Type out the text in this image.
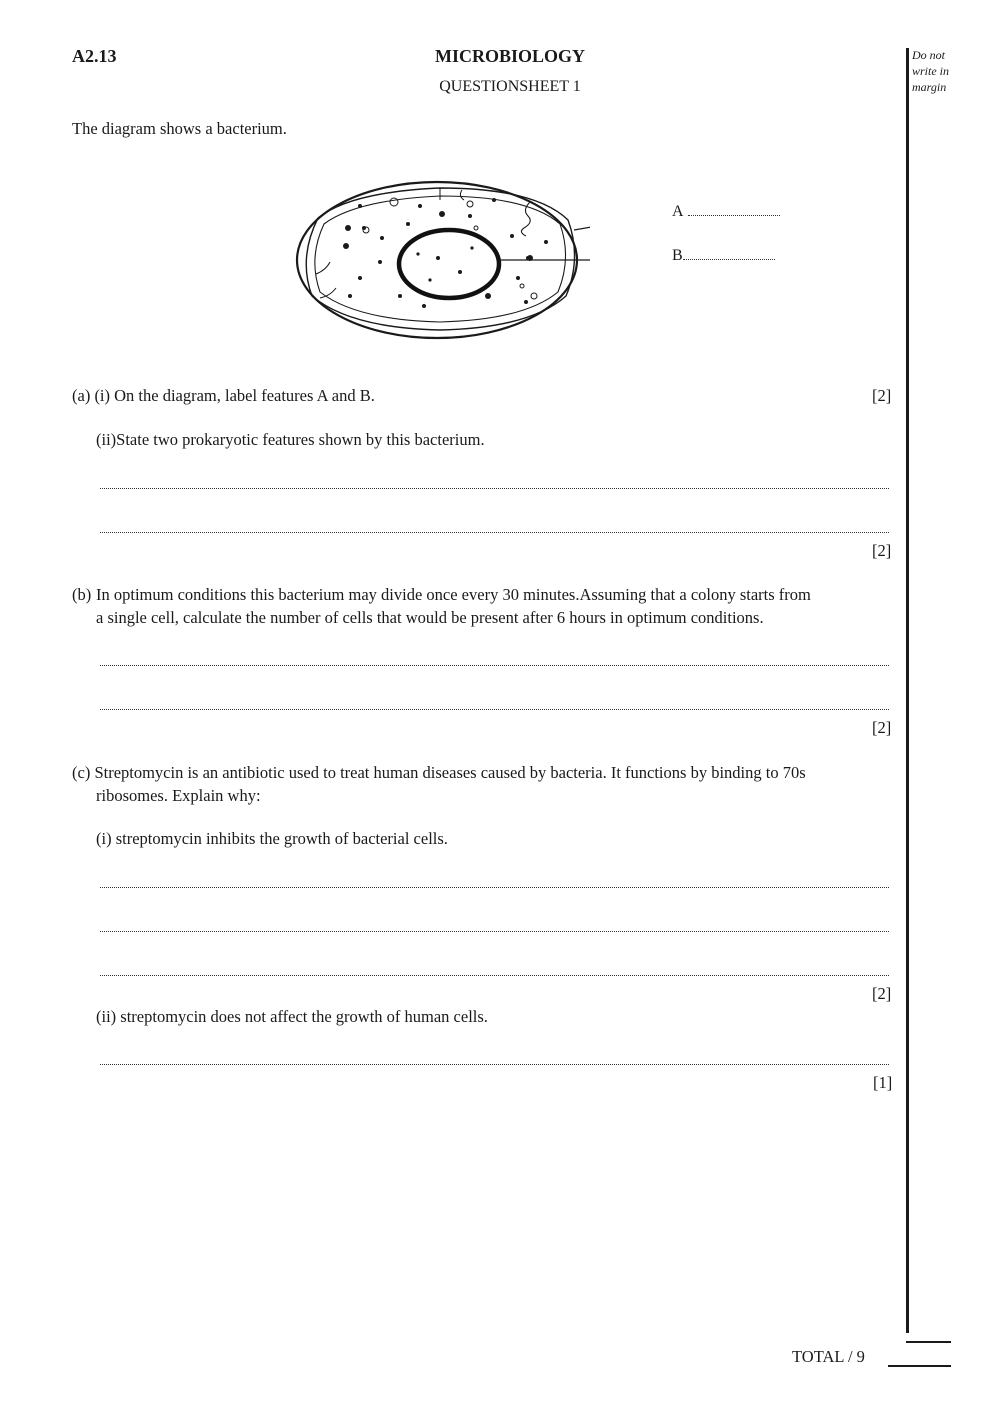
A2.13	MICROBIOLOGY
QUESTIONSHEET 1
Do not
write in
margin
The diagram shows a bacterium.
A
B
(a) (i) On the diagram, label features A and B.	[2]
(ii)State two prokaryotic features shown by this bacterium.
[2]
(b) In optimum conditions this bacterium may divide once every 30 minutes.Assuming that a colony starts from
a single cell, calculate the number of cells that would be present after 6 hours in optimum conditions.
[2]
(c) Streptomycin is an antibiotic used to treat human diseases caused by bacteria. It functions by binding to 70s
ribosomes. Explain why:
(i) streptomycin inhibits the growth of bacterial cells.
[2]
(ii) streptomycin does not affect the growth of human cells.
[1]
TOTAL / 9
